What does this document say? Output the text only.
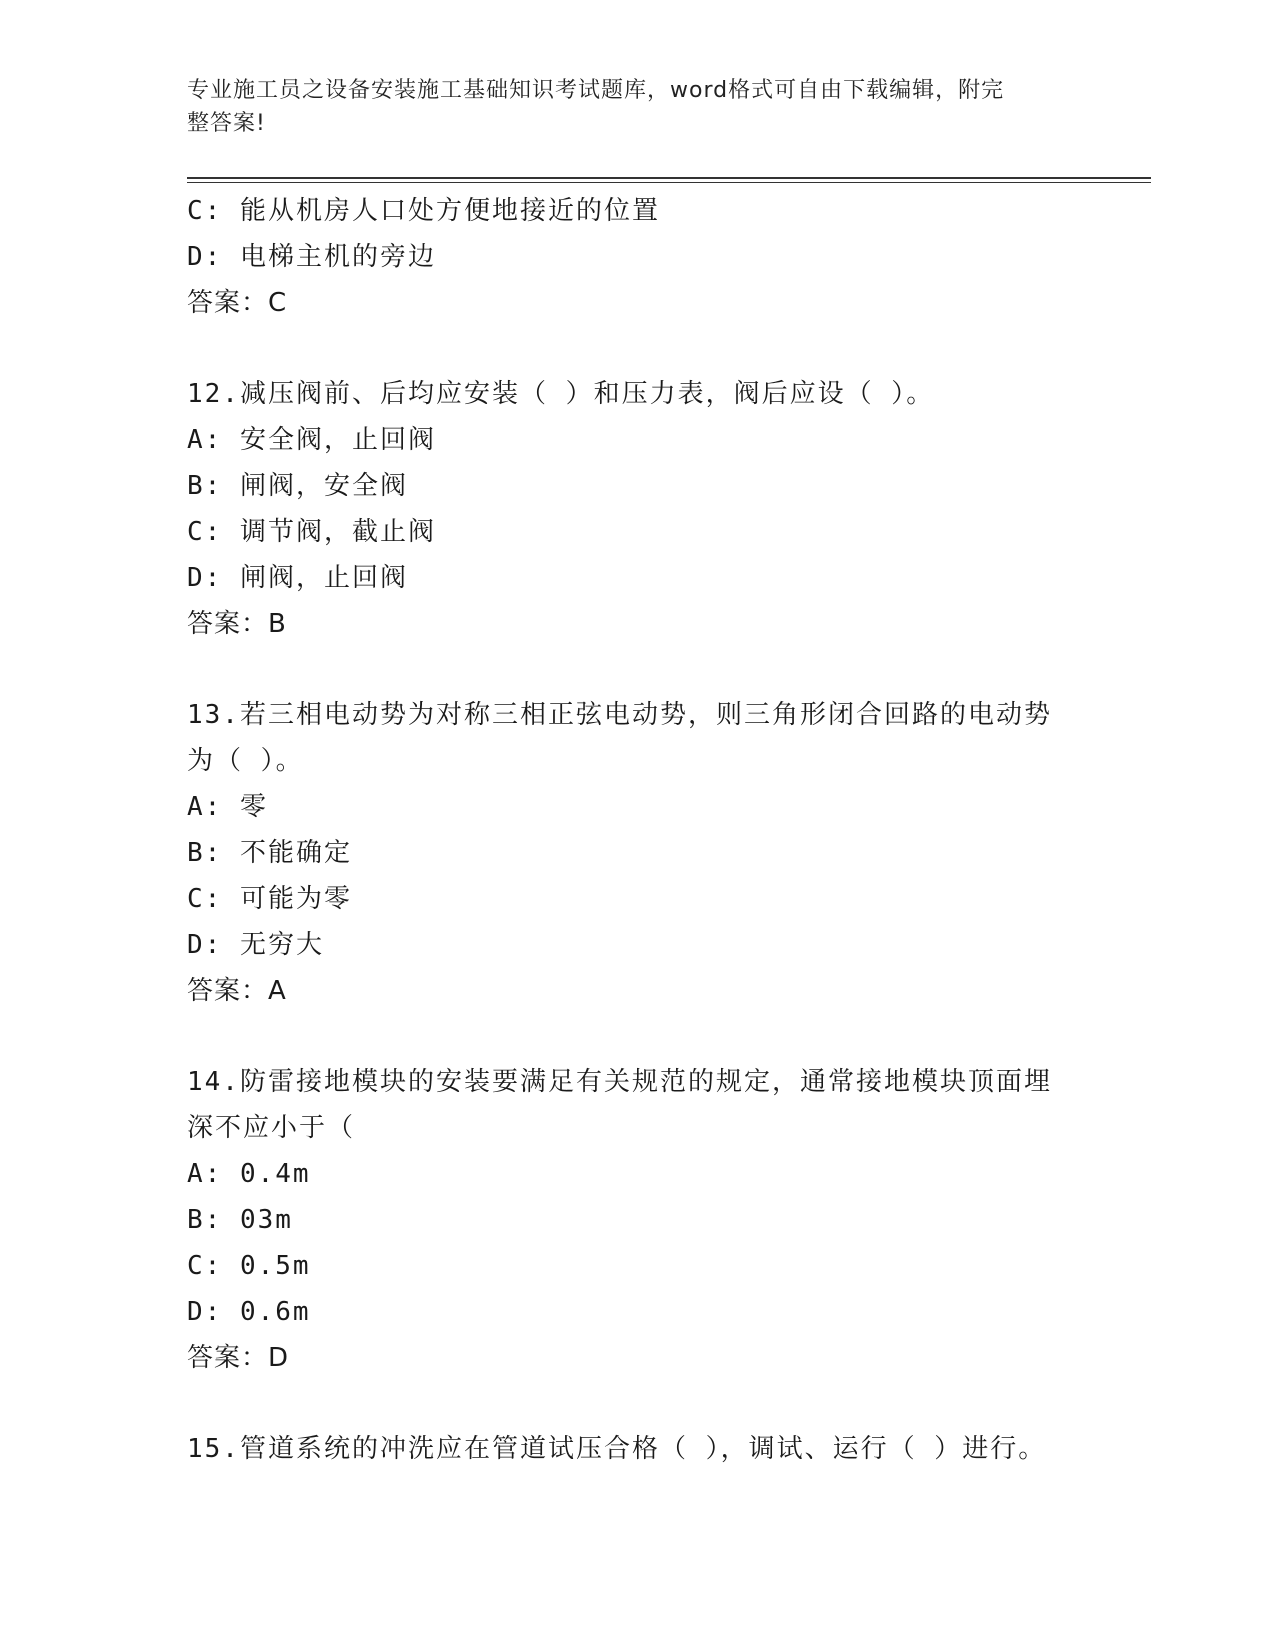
专业施工员之设备安装施工基础知识考试题库，word格式可自由下载编辑，附完
整答案!
C: 能从机房人口处方便地接近的位置
D: 电梯主机的旁边
答案：C
12.减压阀前、后均应安装（ ）和压力表，阀后应设（ ）。
A: 安全阀，止回阀
B: 闸阀，安全阀
C: 调节阀，截止阀
D: 闸阀，止回阀
答案：B
13.若三相电动势为对称三相正弦电动势，则三角形闭合回路的电动势
为（ ）。
A: 零
B: 不能确定
C: 可能为零
D: 无穷大
答案：A
14.防雷接地模块的安装要满足有关规范的规定，通常接地模块顶面埋
深不应小于（
A: 0.4m
B: 03m
C: 0.5m
D: 0.6m
答案：D
15.管道系统的冲洗应在管道试压合格（ ），调试、运行（ ）进行。
